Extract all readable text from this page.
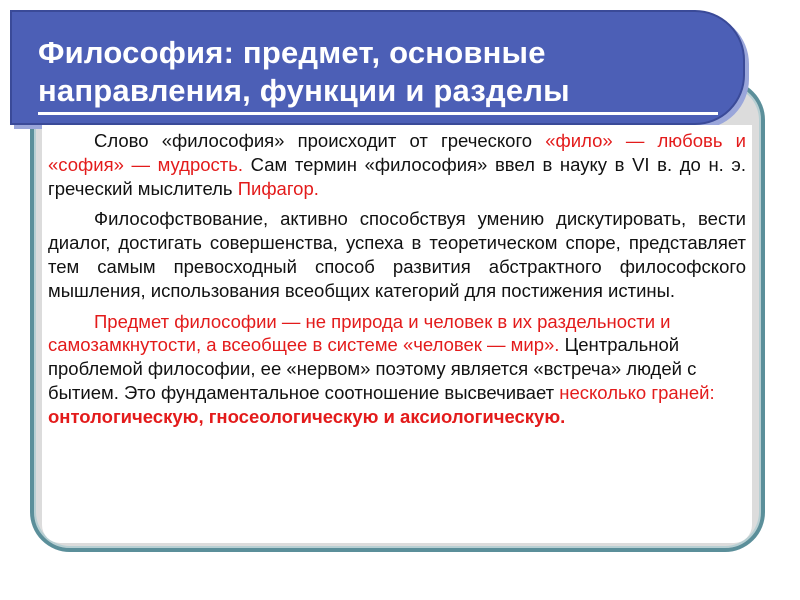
Философия: предмет, основные
направления, функции и разделы

Слово «философия» происходит от греческого «фило» — любовь и «софия» — мудрость. Сам термин «философия» ввел в науку в VI в. до н. э. греческий мыслитель Пифагор.

Философствование, активно способствуя умению дискутировать, вести диалог, достигать совершенства, успеха в теоретическом споре, представляет тем самым превосходный способ развития абстрактного философского мышления, использования всеобщих категорий для постижения истины.

Предмет философии — не природа и человек в их раздельности и самозамкнутости, а всеобщее в системе «человек — мир». Центральной проблемой философии, ее «нервом» поэтому является «встреча» людей с бытием. Это фундаментальное соотношение высвечивает несколько граней: онтологическую, гносеологическую и аксиологическую.
